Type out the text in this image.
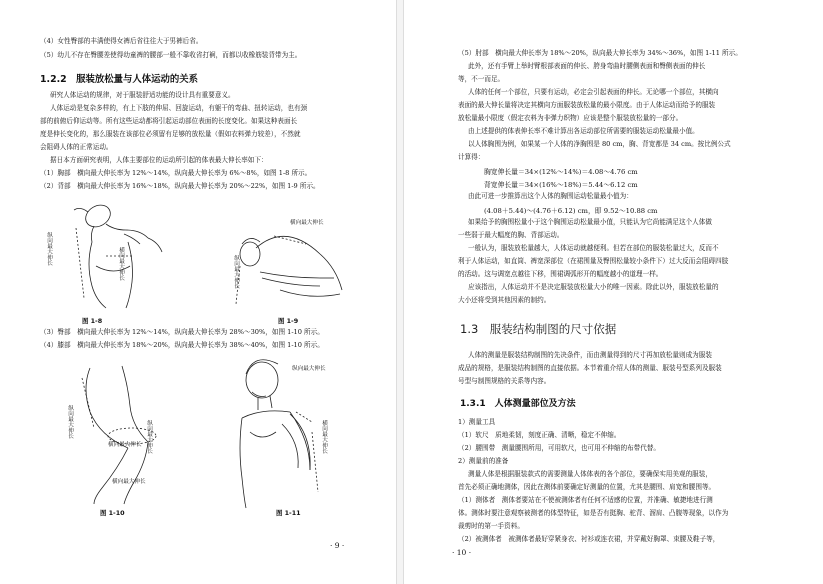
（4）女性臀部的丰满使得女裤后省往往大于男裤后省。
（5）幼儿不存在臀腰差使得幼童裤的腰部一般不靠收省打裥，而都以收橡筋装背带为主。
1.2.2　服装放松量与人体运动的关系
研究人体运动的规律，对于服装舒适功能的设计具有重要意义。
人体运动是复杂多样的，有上下肢的伸屈、回旋运动，有躯干的弯曲、扭转运动，也有颈
部的前俯后仰运动等。所有这些运动都将引起运动部位表面的长度变化。如果这种表面长
度是伸长变化的，那么服装在该部位必须留有足够的放松量（假如衣料弹力较差），不然就
会阻碍人体的正常运动。
据日本方面研究表明，人体主要部位的运动所引起的体表最大伸长率如下：
（1）胸部　横向最大伸长率为 12%～14%，纵向最大伸长率为 6%～8%，如图 1-8 所示。
（2）背部　横向最大伸长率为 16%～18%，纵向最大伸长率为 20%～22%，如图 1-9 所示。
纵向最大伸长	横向最大伸长
图 1-8
横向最大伸长
纵向最大伸长
图 1-9
（3）臀部　横向最大伸长率为 12%～14%，纵向最大伸长率为 28%～30%，如图 1-10 所示。
（4）膝部　横向最大伸长率为 18%～20%，纵向最大伸长率为 38%～40%，如图 1-10 所示。
纵向最大伸长
横向最大伸长 纵向最大伸长
横向最大伸长
图 1-10
纵向最大伸长
横向最大伸长
图 1-11
· 9 ·
（5）肘部　横向最大伸长率为 18%～20%，纵向最大伸长率为 34%～36%，如图 1-11 所示。
此外，还有手臂上举时臂根部表面的伸长、胯身弯曲时腰侧表面和臀侧表面的伸长
等，不一而足。
人体的任何一个部位，只要有运动，必定会引起表面的伸长。无论哪一个部位，其横向
表面的最大伸长量将决定其横向方面服装放松量的最小限度。由于人体运动而给予的服装
放松量最小限度（假定衣料为非弹力织物）应该是整个服装放松量的一部分。
由上述提供的体表伸长率不难计算出各运动部位所需要的服装运动松量最小值。
以人体胸围为例，如果某一个人体的净胸围是 80 cm，胸、背宽都是 34 cm。按比例公式
计算得：
胸宽伸长量＝34×(12%～14%)＝4.08～4.76 cm
背宽伸长量＝34×(16%～18%)＝5.44～6.12 cm
由此可进一步推算出这个人体的胸围运动松量最小值为：
(4.08＋5.44)～(4.76＋6.12) cm，即 9.52～10.88 cm
如果给予的胸围松量小于这个胸围运动松量最小值，只能认为它尚能满足这个人体做
一些弱于最大幅度的胸、背部运动。
一般认为，服装放松量越大，人体运动就越便利。但若在部位的服装松量过大，反而不
利于人体运动，如直筒、裤宽深部位（在裙围量及臀围松量较小条件下）过大反而会阻碍四肢
的活动。这与调宽点越往下移，围裙调弧形开的幅度越小的道理一样。
应该指出，人体运动并不是决定服装放松量大小的唯一因素。除此以外，服装放松量的
大小还将受到其他因素的制约。
1.3　服装结构制图的尺寸依据
人体的测量是服装结构制图的先决条件，而由测量得到的尺寸再加放松量则成为服装
成品的规格，是服装结构制图的直接依据。本节着重介绍人体的测量、服装号型系列及服装
号型与制图规格的关系等内容。
1.3.1　人体测量部位及方法
1）测量工具
（1）软尺　质地柔韧，刻度正确、清晰，稳定不伸缩。
（2）腰围带　测量腰围所用，可用软尺，也可用不伸缩的布带代替。
2）测量前的准备
测量人体是根据服装款式的需要测量人体体表的各个部位，要确保实用美观的服装，
首先必须正确地测体，因此在测体前要确定好测量的位置，尤其是腰围、肩宽和腰围等。
（1）测体者　测体者要站在不使被测体者有任何不适感的位置，并准确、敏捷地进行测
体。测体时要注意观察被测者的体型特征，如是否有挺胸、驼背、溜肩、凸腹等现象，以作为
裁剪时的第一手资料。
（2）被测体者　被测体者最好穿紧身衣、衬衫或连衣裙，并穿戴好胸罩、束腰及鞋子等，
· 10 ·
